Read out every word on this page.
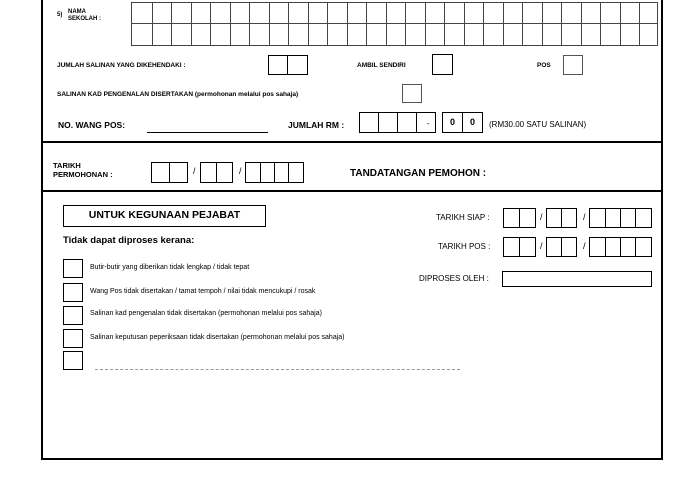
5) NAMA
SEKOLAH :
JUMLAH SALINAN YANG DIKEHENDAKI :	AMBIL SENDIRI	POS
SALINAN KAD PENGENALAN DISERTAKAN (permohonan melalui pos sahaja)
NO. WANG POS:	JUMLAH RM :	-	0	0	(RM30.00 SATU SALINAN)
TARIKH
PERMOHONAN :	/	/	TANDATANGAN PEMOHON :
UNTUK KEGUNAAN PEJABAT
Tidak dapat diproses kerana:
Butir-butir yang diberikan tidak lengkap / tidak tepat
Wang Pos tidak disertakan / tamat tempoh / nilai tidak mencukupi / rosak
Salinan kad pengenalan tidak disertakan (permohonan melalui pos sahaja)
Salinan keputusan peperiksaan tidak disertakan (permohonan melalui pos sahaja)
TARIKH SIAP :	/	/
TARIKH POS :	/	/
DIPROSES OLEH :
